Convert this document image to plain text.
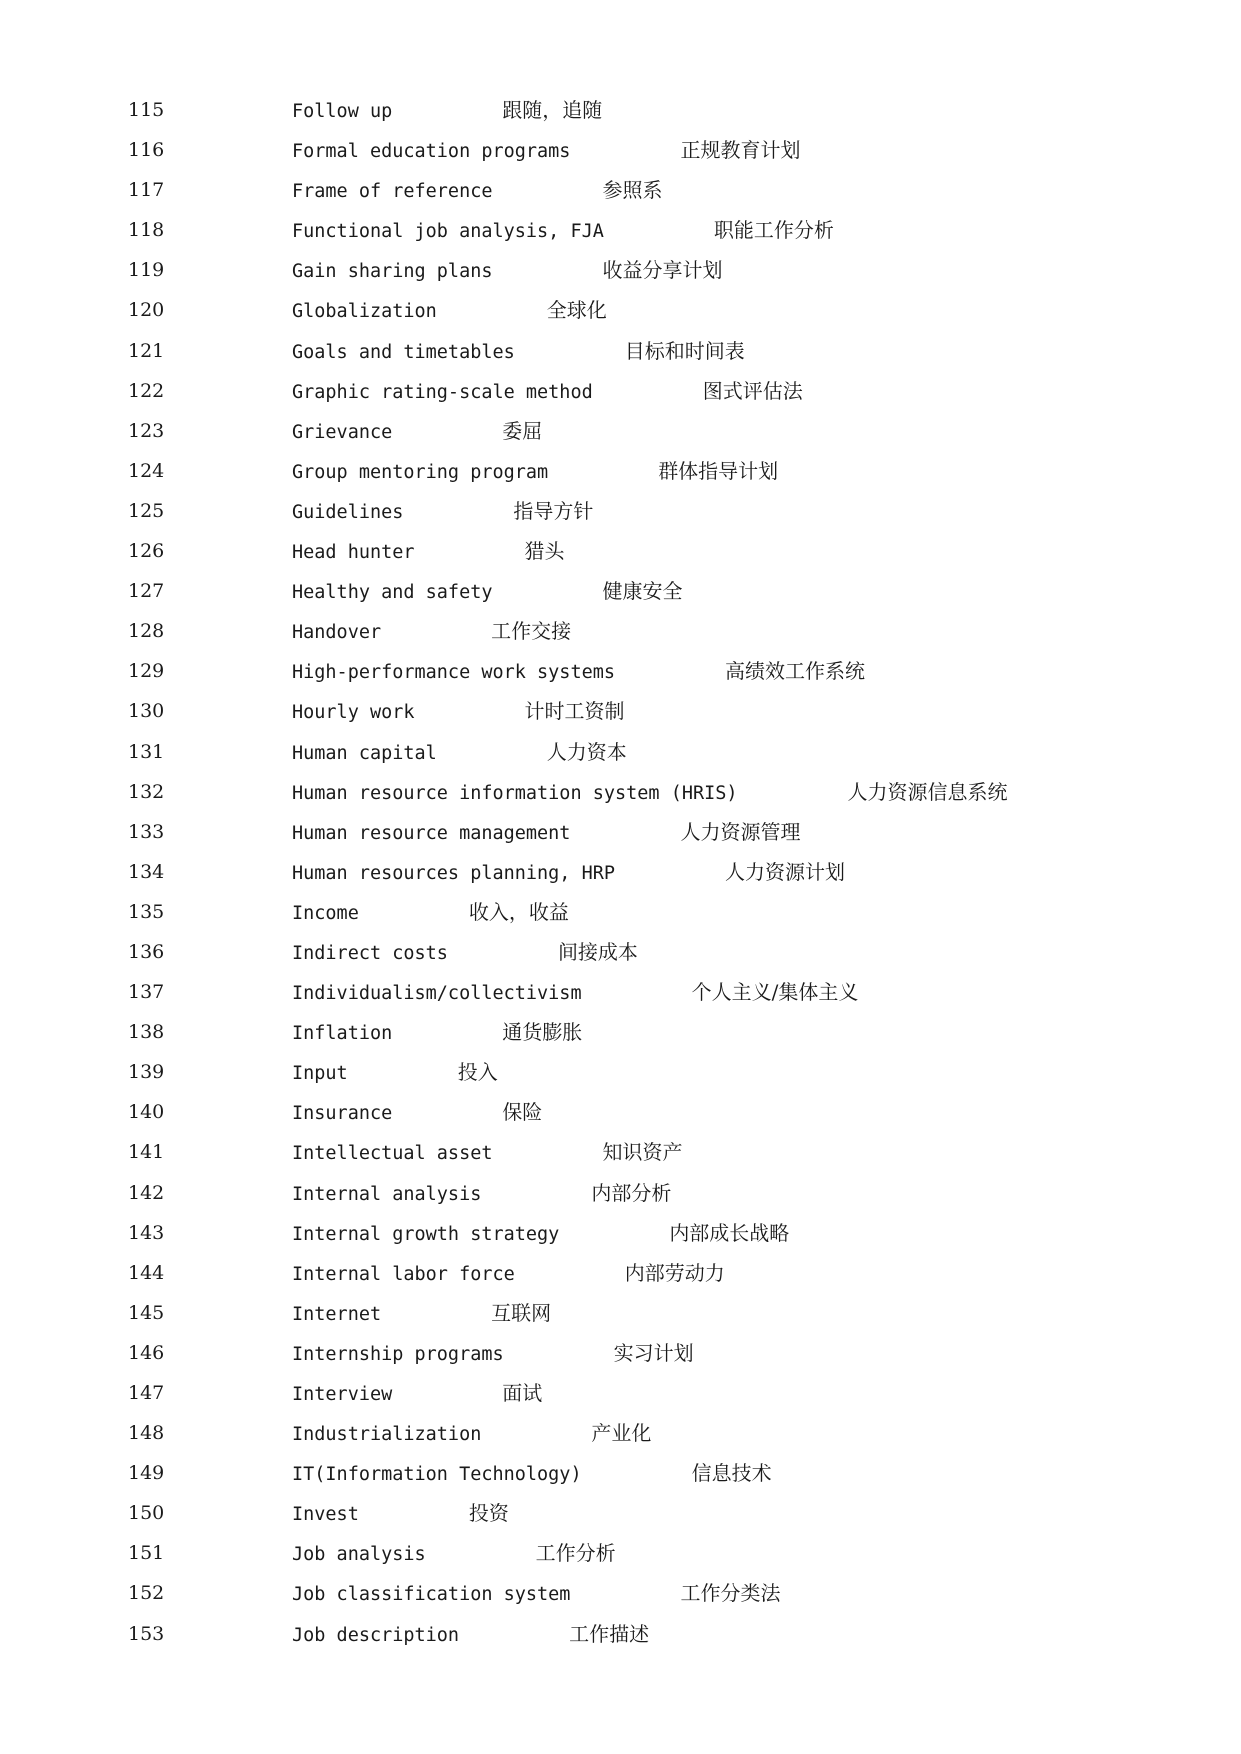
115	Follow up	跟随，追随
116	Formal education programs	正规教育计划
117	Frame of reference	参照系
118	Functional job analysis, FJA	职能工作分析
119	Gain sharing plans	收益分享计划
120	Globalization	全球化
121	Goals and timetables	目标和时间表
122	Graphic rating-scale method	图式评估法
123	Grievance	委屈
124	Group mentoring program	群体指导计划
125	Guidelines	指导方针
126	Head hunter	猎头
127	Healthy and safety	健康安全
128	Handover	工作交接
129	High-performance work systems	高绩效工作系统
130	Hourly work	计时工资制
131	Human capital	人力资本
132	Human resource information system (HRIS)	人力资源信息系统
133	Human resource management	人力资源管理
134	Human resources planning, HRP	人力资源计划
135	Income	收入，收益
136	Indirect costs	间接成本
137	Individualism/collectivism	个人主义/集体主义
138	Inflation	通货膨胀
139	Input	投入
140	Insurance	保险
141	Intellectual asset	知识资产
142	Internal analysis	内部分析
143	Internal growth strategy	内部成长战略
144	Internal labor force	内部劳动力
145	Internet	互联网
146	Internship programs	实习计划
147	Interview	面试
148	Industrialization	产业化
149	IT(Information Technology)	信息技术
150	Invest	投资
151	Job analysis	工作分析
152	Job classification system	工作分类法
153	Job description	工作描述
